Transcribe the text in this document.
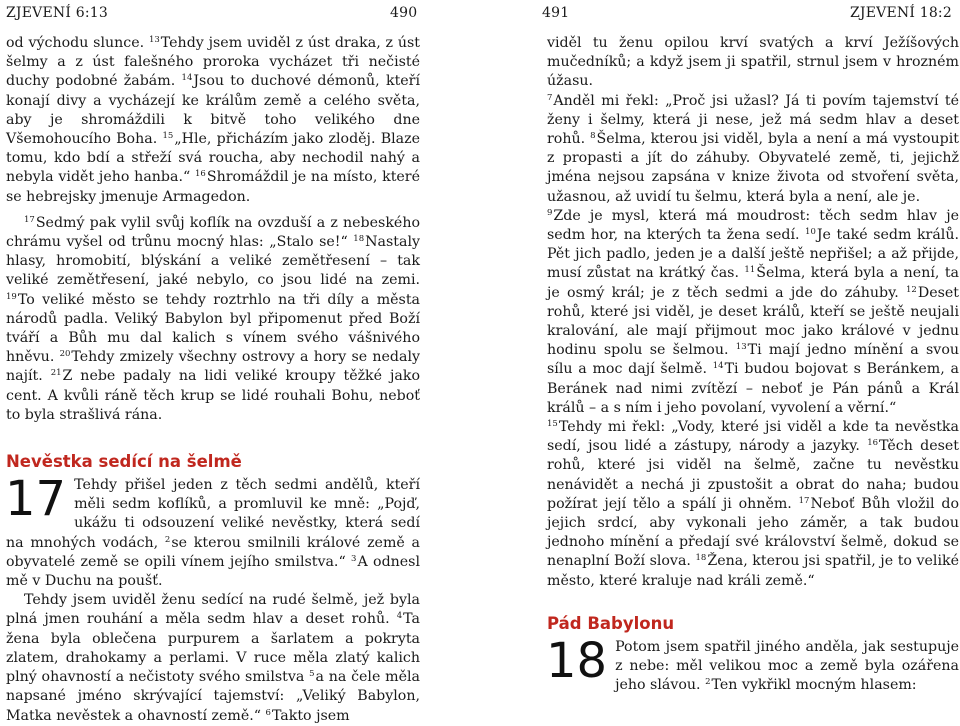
ZJEVENÍ 6:13	490

od východu slunce. $^{13}$Tehdy jsem uviděl z úst draka, z úst šelmy a z úst falešného proroka vycházet tři nečisté duchy podobné žabám. $^{14}$Jsou to duchové démonů, kteří konají divy a vycházejí ke králům země a celého světa, aby je shromáždili k bitvě toho velikého dne Všemohoucího Boha. $^{15}$„Hle, přicházím jako zloděj. Blaze tomu, kdo bdí a střeží svá roucha, aby nechodil nahý a nebyla vidět jeho hanba.“ $^{16}$Shromáždil je na místo, které se hebrejsky jmenuje Armagedon.

$^{17}$Sedmý pak vylil svůj koflík na ovzduší a z nebeského chrámu vyšel od trůnu mocný hlas: „Stalo se!“ $^{18}$Nastaly hlasy, hromobití, blýskání a veliké zemětřesení – tak veliké zemětřesení, jaké nebylo, co jsou lidé na zemi. $^{19}$To veliké město se tehdy roztrhlo na tři díly a města národů padla. Veliký Babylon byl připomenut před Boží tváří a Bůh mu dal kalich s vínem svého vášnivého hněvu. $^{20}$Tehdy zmizely všechny ostrovy a hory se nedaly najít. $^{21}$Z nebe padaly na lidi veliké kroupy těžké jako cent. A kvůli ráně těch krup se lidé rouhali Bohu, neboť to byla strašlivá rána.

Nevěstka sedící na šelmě

17 Tehdy přišel jeden z těch sedmi andělů, kteří měli sedm koflíků, a promluvil ke mně: „Pojď, ukážu ti odsouzení veliké nevěstky, která sedí na mnohých vodách, $^2$se kterou smilnili králové země a obyvatelé země se opili vínem jejího smilstva.“ $^3$A odnesl mě v Duchu na poušť.

Tehdy jsem uviděl ženu sedící na rudé šelmě, jež byla plná jmen rouhání a měla sedm hlav a deset rohů. $^4$Ta žena byla oblečena purpurem a šarlatem a pokryta zlatem, drahokamy a perlami. V ruce měla zlatý kalich plný ohavností a nečistoty svého smilstva $^5$a na čele měla napsané jméno skrývající tajemství: „Veliký Babylon, Matka nevěstek a ohavností země.“ $^6$Takto jsem

491	ZJEVENÍ 18:2

viděl tu ženu opilou krví svatých a krví Ježíšových mučedníků; a když jsem ji spatřil, strnul jsem v hrozném úžasu.

$^7$Anděl mi řekl: „Proč jsi užasl? Já ti povím tajemství té ženy i šelmy, která ji nese, jež má sedm hlav a deset rohů. $^8$Šelma, kterou jsi viděl, byla a není a má vystoupit z propasti a jít do záhuby. Obyvatelé země, ti, jejichž jména nejsou zapsána v knize života od stvoření světa, užasnou, až uvidí tu šelmu, která byla a není, ale je.

$^9$Zde je mysl, která má moudrost: těch sedm hlav je sedm hor, na kterých ta žena sedí. $^{10}$Je také sedm králů. Pět jich padlo, jeden je a další ještě nepřišel; a až přijde, musí zůstat na krátký čas. $^{11}$Šelma, která byla a není, ta je osmý král; je z těch sedmi a jde do záhuby. $^{12}$Deset rohů, které jsi viděl, je deset králů, kteří se ještě neujali kralování, ale mají přijmout moc jako králové v jednu hodinu spolu se šelmou. $^{13}$Ti mají jedno mínění a svou sílu a moc dají šelmě. $^{14}$Ti budou bojovat s Beránkem, a Beránek nad nimi zvítězí – neboť je Pán pánů a Král králů – a s ním i jeho povolaní, vyvolení a věrní.“

$^{15}$Tehdy mi řekl: „Vody, které jsi viděl a kde ta nevěstka sedí, jsou lidé a zástupy, národy a jazyky. $^{16}$Těch deset rohů, které jsi viděl na šelmě, začne tu nevěstku nenávidět a nechá ji zpustošit a obrat do naha; budou požírat její tělo a spálí ji ohněm. $^{17}$Neboť Bůh vložil do jejich srdcí, aby vykonali jeho záměr, a tak budou jednoho mínění a předají své království šelmě, dokud se nenaplní Boží slova. $^{18}$Žena, kterou jsi spatřil, je to veliké město, které kraluje nad králi země.“

Pád Babylonu

18 Potom jsem spatřil jiného anděla, jak sestupuje z nebe: měl velikou moc a země byla ozářena jeho slávou. $^2$Ten vykřikl mocným hlasem:
